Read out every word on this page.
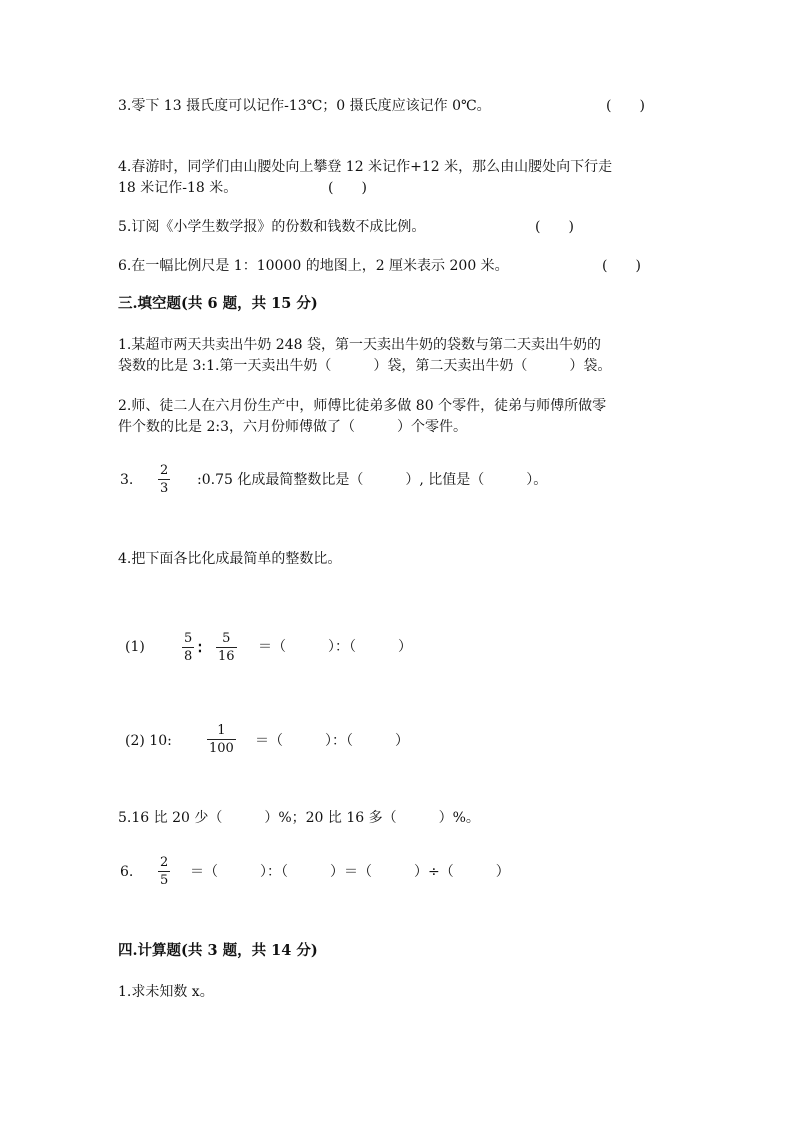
3.零下 13 摄氏度可以记作-13℃；0 摄氏度应该记作 0℃。	(　　)
4.春游时，同学们由山腰处向上攀登 12 米记作+12 米，那么由山腰处向下行走
18 米记作-18 米。	(　　)
5.订阅《小学生数学报》的份数和钱数不成比例。	(　　)
6.在一幅比例尺是 1：10000 的地图上，2 厘米表示 200 米。	(　　)
三.填空题(共 6 题，共 15 分)
1.某超市两天共卖出牛奶 248 袋，第一天卖出牛奶的袋数与第二天卖出牛奶的
袋数的比是 3:1.第一天卖出牛奶（　　　）袋，第二天卖出牛奶（　　　）袋。
2.师、徒二人在六月份生产中，师傅比徒弟多做 80 个零件，徒弟与师傅所做零
件个数的比是 2:3，六月份师傅做了（　　　）个零件。
3.
2
3
:0.75 化成最简整数比是（　　　）, 比值是（　　　）。
4.把下面各比化成最简单的整数比。
(1)
5
8 ∶
5
16
＝（　　　）：（　　　）
(2) 10:
1
100 ＝（　　　）：（　　　）
5.16 比 20 少（　　　）%；20 比 16 多（　　　）%。
6.
2
5
＝（　　　）：（　　　）＝（　　　）÷（　　　）
四.计算题(共 3 题，共 14 分)
1.求未知数 x。
